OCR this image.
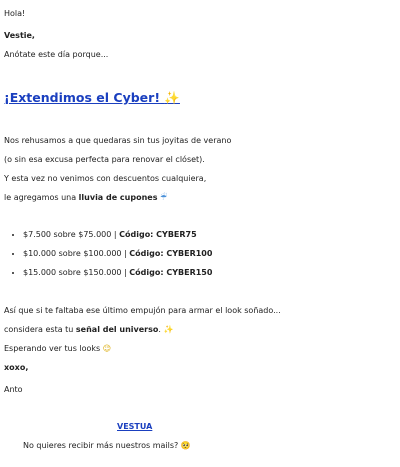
Hola!
Vestie,
Anótate este día porque...
¡Extendimos el Cyber! ✨
Nos rehusamos a que quedaras sin tus joyitas de verano
(o sin esa excusa perfecta para renovar el clóset).
Y esta vez no venimos con descuentos cualquiera,
le agregamos una lluvia de cupones ☔
• $7.500 sobre $75.000 | Código: CYBER75
• $10.000 sobre $100.000 | Código: CYBER100
• $15.000 sobre $150.000 | Código: CYBER150
Así que si te faltaba ese último empujón para armar el look soñado...
considera esta tu señal del universo. ✨
Esperando ver tus looks 😉
xoxo,
Anto
VESTUA
No quieres recibir más nuestros mails? 🥺
